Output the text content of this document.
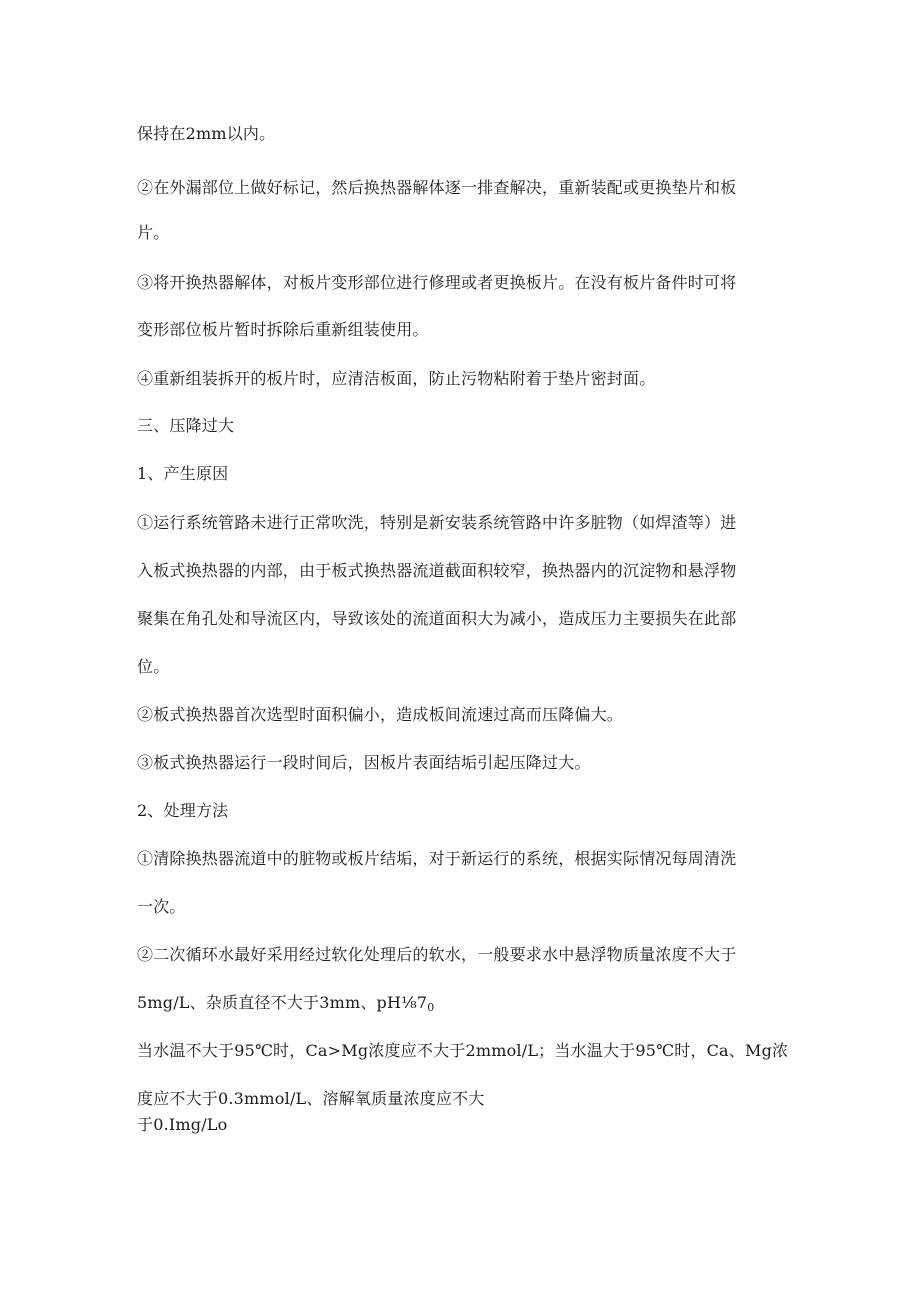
保持在2mm以内。
②在外漏部位上做好标记，然后换热器解体逐一排查解决，重新装配或更换垫片和板
片。
③将开换热器解体，对板片变形部位进行修理或者更换板片。在没有板片备件时可将
变形部位板片暂时拆除后重新组装使用。
④重新组装拆开的板片时，应清洁板面，防止污物粘附着于垫片密封面。
三、压降过大
1、产生原因
①运行系统管路未进行正常吹洗，特别是新安装系统管路中许多脏物（如焊渣等）进
入板式换热器的内部，由于板式换热器流道截面积较窄，换热器内的沉淀物和悬浮物
聚集在角孔处和导流区内，导致该处的流道面积大为减小，造成压力主要损失在此部
位。
②板式换热器首次选型时面积偏小，造成板间流速过高而压降偏大。
③板式换热器运行一段时间后，因板片表面结垢引起压降过大。
2、处理方法
①清除换热器流道中的脏物或板片结垢，对于新运行的系统，根据实际情况每周清洗
一次。
②二次循环水最好采用经过软化处理后的软水，一般要求水中悬浮物质量浓度不大于
5mg/L、杂质直径不大于3mm、$pH\frac{1}{8}7_0$
当水温不大于95℃时，Ca>Mg浓度应不大于2mmol/L；当水温大于95℃时，Ca、Mg浓
度应不大于0.3mmol/L、溶解氧质量浓度应不大
于0.Img/Lo
